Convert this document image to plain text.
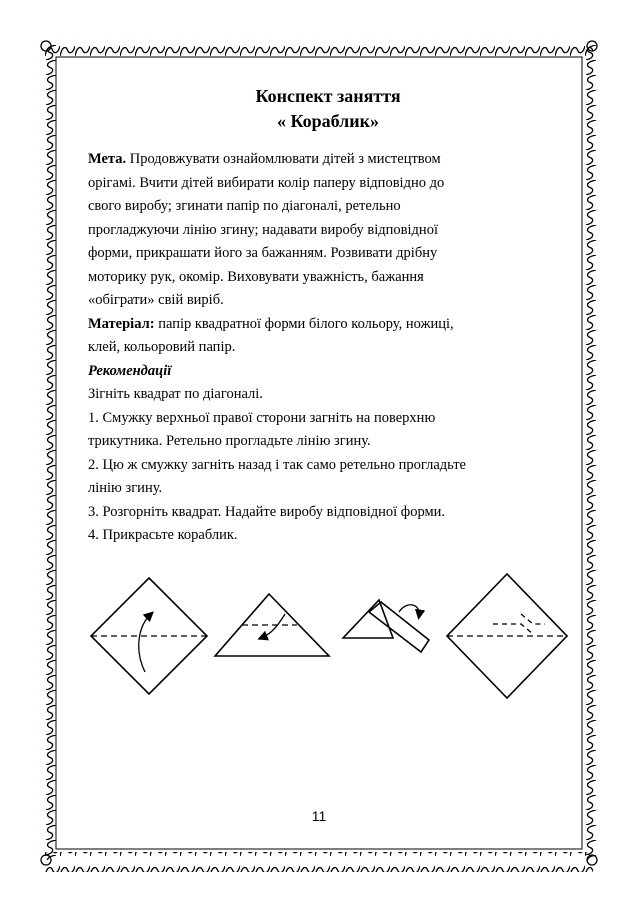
Конспект заняття

« Кораблик»

Мета. Продовжувати ознайомлювати дітей з мистецтвом

орігамі. Вчити дітей вибирати колір паперу відповідно до

свого виробу; згинати папір по діагоналі, ретельно

прогладжуючи лінію згину; надавати виробу відповідної

форми, прикрашати його за бажанням. Розвивати дрібну

моторику рук, окомір. Виховувати уважність, бажання

«обіграти» свій виріб.

Матеріал: папір квадратної форми білого кольору, ножиці,

клей, кольоровий папір.

Рекомендації

Зігніть квадрат по діагоналі.

1. Смужку верхньої правої сторони загніть на поверхню

трикутника. Ретельно прогладьте лінію згину.

2. Цю ж смужку загніть назад і так само ретельно прогладьте

лінію згину.

3. Розгорніть квадрат. Надайте виробу відповідної форми.

4. Прикрасьте кораблик.

11
